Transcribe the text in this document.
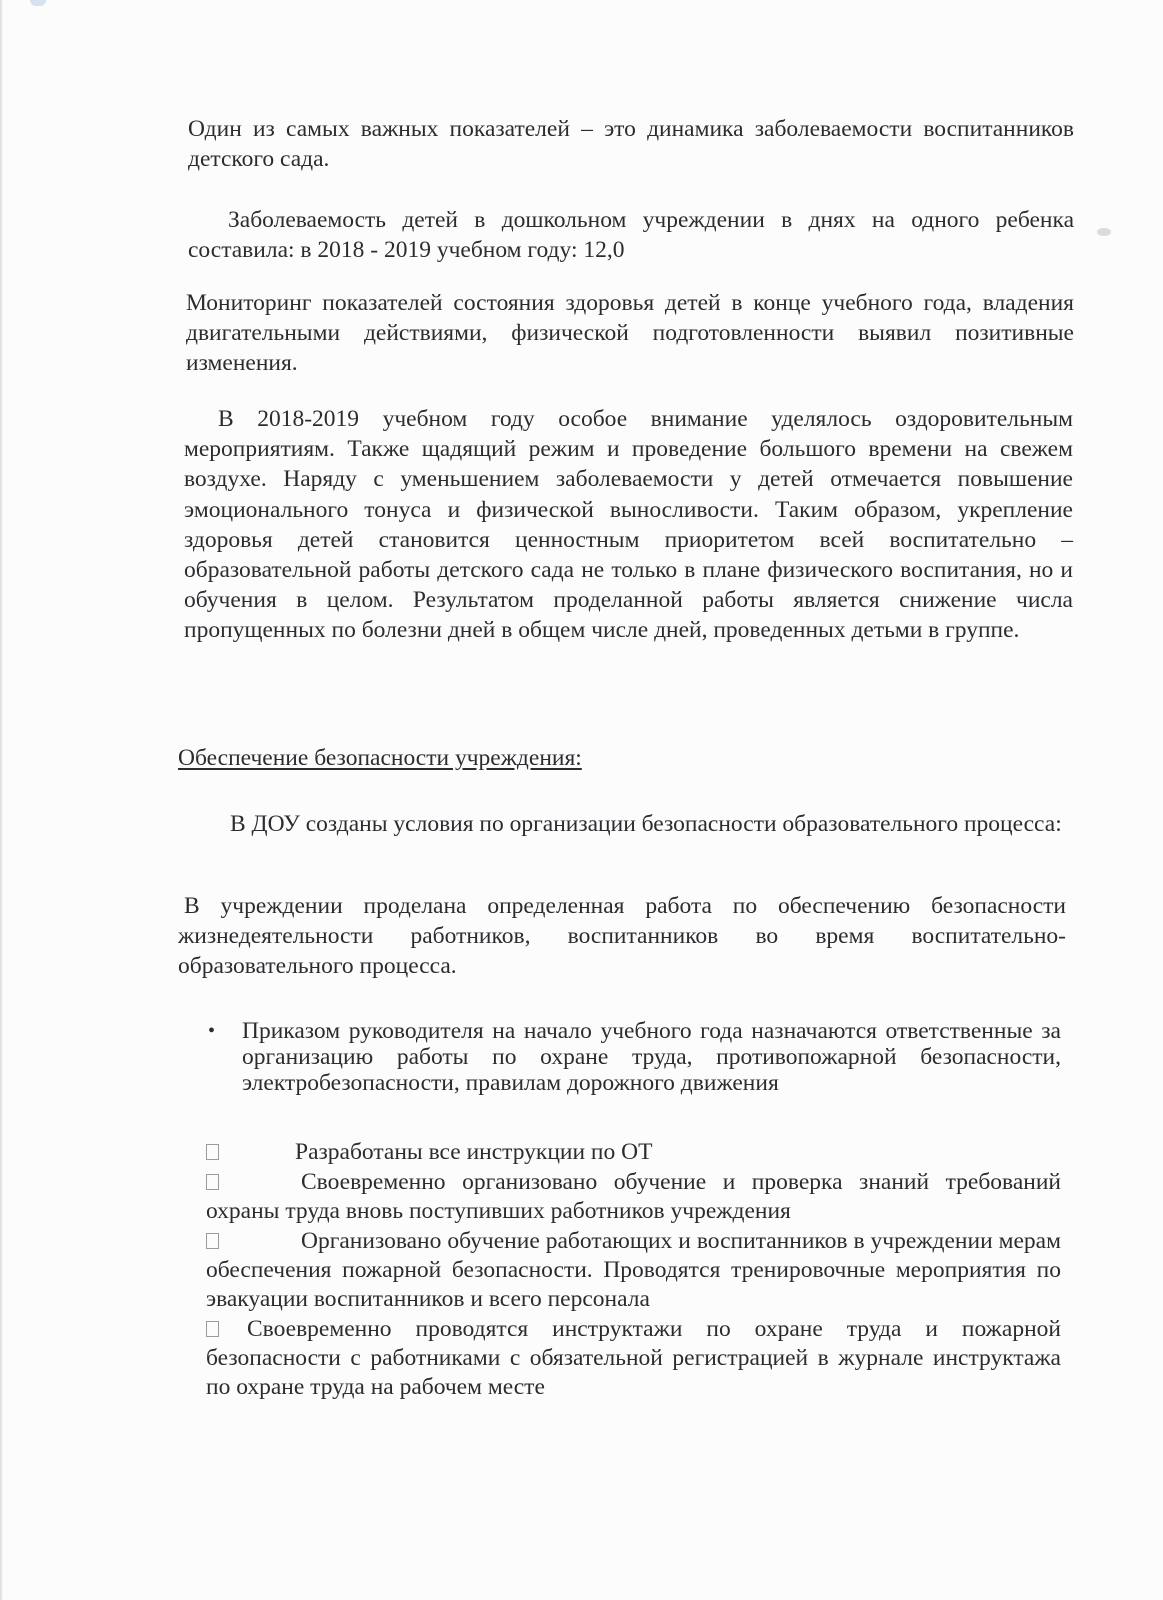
Один из самых важных показателей – это динамика заболеваемости воспитанников детского сада.

Заболеваемость детей в дошкольном учреждении в днях на одного ребенка составила: в 2018 - 2019 учебном году: 12,0

Мониторинг показателей состояния здоровья детей в конце учебного года, владения двигательными действиями, физической подготовленности выявил позитивные изменения.

В 2018-2019 учебном году особое внимание уделялось оздоровительным мероприятиям. Также щадящий режим и проведение большого времени на свежем воздухе. Наряду с уменьшением заболеваемости у детей отмечается повышение эмоционального тонуса и физической выносливости. Таким образом, укрепление здоровья детей становится ценностным приоритетом всей воспитательно – образовательной работы детского сада не только в плане физического воспитания, но и обучения в целом. Результатом проделанной работы является снижение числа пропущенных по болезни дней в общем числе дней, проведенных детьми в группе.

Обеспечение безопасности учреждения:

В ДОУ созданы условия по организации безопасности образовательного процесса:

В учреждении проделана определенная работа по обеспечению безопасности жизнедеятельности работников, воспитанников во время воспитательно-образовательного процесса.

• Приказом руководителя на начало учебного года назначаются ответственные за организацию работы по охране труда, противопожарной безопасности, электробезопасности, правилам дорожного движения
Разработаны все инструкции по ОТ
Своевременно организовано обучение и проверка знаний требований охраны труда вновь поступивших работников учреждения
Организовано обучение работающих и воспитанников в учреждении мерам обеспечения пожарной безопасности. Проводятся тренировочные мероприятия по эвакуации воспитанников и всего персонала
Своевременно проводятся инструктажи по охране труда и пожарной безопасности с работниками с обязательной регистрацией в журнале инструктажа по охране труда на рабочем месте
